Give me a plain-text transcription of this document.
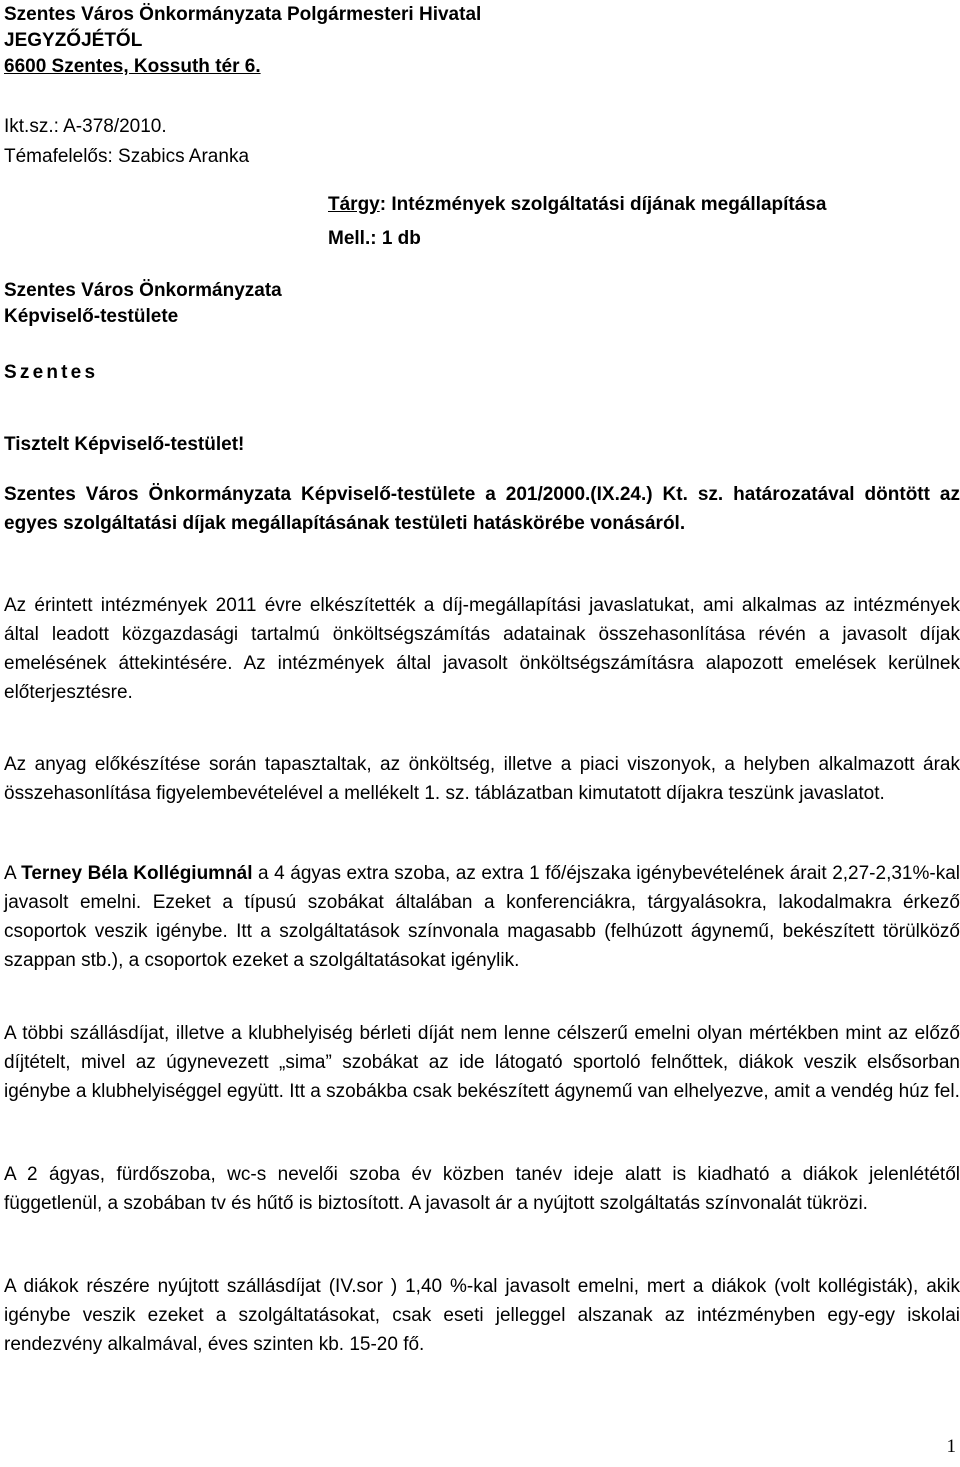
Szentes Város Önkormányzata Polgármesteri Hivatal
JEGYZŐJÉTŐL
6600 Szentes, Kossuth tér 6.
Ikt.sz.: A-378/2010.
Témafelelős: Szabics Aranka
Tárgy: Intézmények szolgáltatási díjának megállapítása
Mell.: 1 db
Szentes Város Önkormányzata
Képviselő-testülete
Szentes
Tisztelt Képviselő-testület!
Szentes Város Önkormányzata Képviselő-testülete a 201/2000.(IX.24.) Kt. sz. határozatával döntött az egyes szolgáltatási díjak megállapításának testületi hatáskörébe vonásáról.
Az érintett intézmények 2011 évre elkészítették a díj-megállapítási javaslatukat, ami alkalmas az intézmények által leadott közgazdasági tartalmú önköltségszámítás adatainak összehasonlítása révén a javasolt díjak emelésének áttekintésére. Az intézmények által javasolt önköltségszámításra alapozott emelések kerülnek előterjesztésre.
Az anyag előkészítése során tapasztaltak, az önköltség, illetve a piaci viszonyok, a helyben alkalmazott árak összehasonlítása figyelembevételével a mellékelt 1. sz. táblázatban kimutatott díjakra teszünk javaslatot.
A Terney Béla Kollégiumnál a 4 ágyas extra szoba, az extra 1 fő/éjszaka igénybevételének árait 2,27-2,31%-kal javasolt emelni. Ezeket a típusú szobákat általában a konferenciákra, tárgyalásokra, lakodalmakra érkező csoportok veszik igénybe. Itt a szolgáltatások színvonala magasabb (felhúzott ágynemű, bekészített törülköző szappan stb.), a csoportok ezeket a szolgáltatásokat igénylik.
A többi szállásdíjat, illetve a klubhelyiség bérleti díját nem lenne célszerű emelni olyan mértékben mint az előző díjtételt, mivel az úgynevezett „sima” szobákat az ide látogató sportoló felnőttek, diákok veszik elsősorban igénybe a klubhelyiséggel együtt. Itt a szobákba csak bekészített ágynemű van elhelyezve, amit a vendég húz fel.
A 2 ágyas, fürdőszoba, wc-s nevelői szoba év közben tanév ideje alatt is kiadható a diákok jelenlététől függetlenül, a szobában tv és hűtő is biztosított. A javasolt ár a nyújtott szolgáltatás színvonalát tükrözi.
A diákok részére nyújtott szállásdíjat (IV.sor ) 1,40 %-kal javasolt emelni, mert a diákok (volt kollégisták), akik igénybe veszik ezeket a szolgáltatásokat, csak eseti jelleggel alszanak az intézményben egy-egy iskolai rendezvény alkalmával, éves szinten kb. 15-20 fő.
1
